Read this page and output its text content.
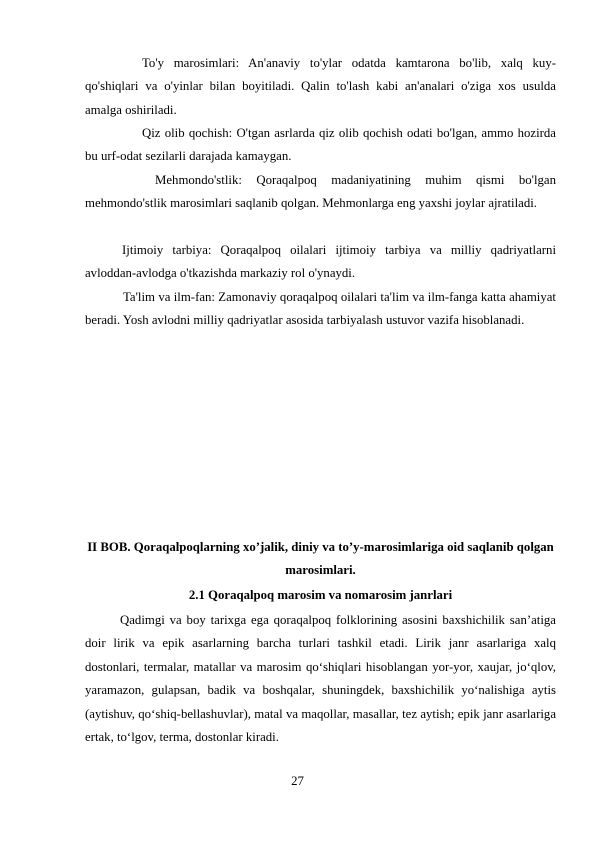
To'y marosimlari: An'anaviy to'ylar odatda kamtarona bo'lib, xalq kuy-qo'shiqlari va o'yinlar bilan boyitiladi. Qalin to'lash kabi an'analari o'ziga xos usulda amalga oshiriladi.

Qiz olib qochish: O'tgan asrlarda qiz olib qochish odati bo'lgan, ammo hozirda bu urf-odat sezilarli darajada kamaygan.

Mehmondo'stlik: Qoraqalpoq madaniyatining muhim qismi bo'lgan mehmondo'stlik marosimlari saqlanib qolgan. Mehmonlarga eng yaxshi joylar ajratiladi.

Ijtimoiy tarbiya: Qoraqalpoq oilalari ijtimoiy tarbiya va milliy qadriyatlarni avloddan-avlodga o'tkazishda markaziy rol o'ynaydi.

Ta'lim va ilm-fan: Zamonaviy qoraqalpoq oilalari ta'lim va ilm-fanga katta ahamiyat beradi. Yosh avlodni milliy qadriyatlar asosida tarbiyalash ustuvor vazifa hisoblanadi.

II BOB. Qoraqalpoqlarning xo’jalik, diniy va to’y-marosimlariga oid saqlanib qolgan marosimlari.
2.1 Qoraqalpoq marosim va nomarosim janrlari

Qadimgi va boy tarixga ega qoraqalpoq folklorining asosini baxshichilik san’atiga doir lirik va epik asarlarning barcha turlari tashkil etadi. Lirik janr asarlariga xalq dostonlari, termalar, matallar va marosim qo‘shiqlari hisoblangan yor-yor, xaujar, jo‘qlov, yaramazon, gulapsan, badik va boshqalar, shuningdek, baxshichilik yo‘nalishiga aytis (aytishuv, qo‘shiq-bellashuvlar), matal va maqollar, masallar, tez aytish; epik janr asarlariga ertak, to‘lgov, terma, dostonlar kiradi.

27
